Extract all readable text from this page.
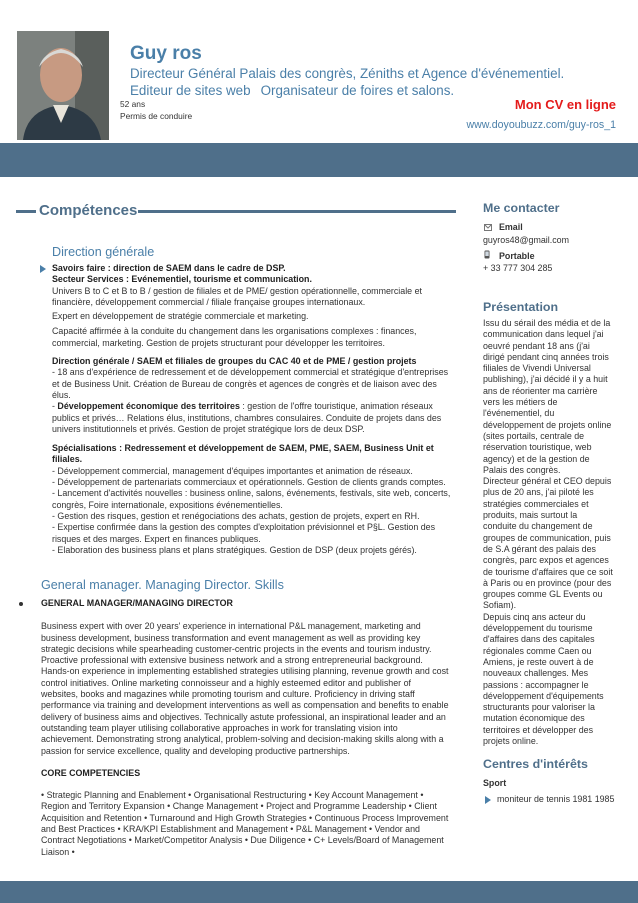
Guy ros
Directeur Général Palais des congrès, Zéniths et Agence d'événementiel.
Editeur de sites web Organisateur de foires et salons.
52 ans
Permis de conduire
Mon CV en ligne
www.doyoubuzz.com/guy-ros_1
Compétences
Direction générale

Savoirs faire : direction de SAEM dans le cadre de DSP.

Secteur Services : Evénementiel, tourisme et communication.

Univers B to C et B to B / gestion de filiales et de PME/ gestion opérationnelle, commerciale et

financière, développement commercial / filiale française groupes internationaux.

Expert en développement de stratégie commerciale et marketing.

Capacité affirmée à la conduite du changement dans les organisations complexes : finances,

commercial, marketing. Gestion de projets structurant pour développer les territoires.

Direction générale / SAEM et filiales de groupes du CAC 40 et de PME / gestion projets

- 18 ans d'expérience de redressement et de développement commercial et stratégique d'entreprises

et de Business Unit. Création de Bureau de congrès et agences de congrès et de liaison avec des

élus.

- Développement économique des territoires : gestion de l'offre touristique, animation réseaux

publics et privés… Relations élus, institutions, chambres consulaires. Conduite de projets dans des

univers institutionnels et privés. Gestion de projet stratégique lors de deux DSP.

Spécialisations : Redressement et développement de SAEM, PME, SAEM, Business Unit et

filiales.

- Développement commercial, management d'équipes importantes et animation de réseaux.

- Développement de partenariats commerciaux et opérationnels. Gestion de clients grands comptes.

- Lancement d'activités nouvelles : business online, salons, événements, festivals, site web, concerts,

congrès, Foire internationale, expositions événementielles.

- Gestion des risques, gestion et renégociations des achats, gestion de projets, expert en RH.

- Expertise confirmée dans la gestion des comptes d'exploitation prévisionnel et P§L. Gestion des

risques et des marges. Expert en finances publiques.

- Elaboration des business plans et plans stratégiques. Gestion de DSP (deux projets gérés).

General manager. Managing Director. Skills

GENERAL MANAGER/MANAGING DIRECTOR

Business expert with over 20 years' experience in international P&L management, marketing and

business development, business transformation and event management as well as providing key

strategic decisions while spearheading customer-centric projects in the events and tourism industry.

Proactive professional with extensive business network and a strong entrepreneurial background.

Hands-on experience in implementing established strategies utilising planning, revenue growth and cost

control initiatives. Online marketing connoisseur and a highly esteemed editor and publisher of

websites, books and magazines while promoting tourism and culture. Proficiency in driving staff

performance via training and development interventions as well as compensation and benefits to enable

delivery of business aims and objectives. Technically astute professional, an inspirational leader and an

outstanding team player utilising collaborative approaches in work for translating vision into

achievement. Demonstrating strong analytical, problem-solving and decision-making skills along with a

passion for service excellence, quality and developing productive partnerships.

CORE COMPETENCIES

• Strategic Planning and Enablement • Organisational Restructuring • Key Account Management •

Region and Territory Expansion • Change Management • Project and Programme Leadership • Client

Acquisition and Retention • Turnaround and High Growth Strategies • Continuous Process Improvement

and Best Practices • KRA/KPI Establishment and Management • P&L Management • Vendor and

Contract Negotiations • Market/Competitor Analysis • Due Diligence • C+ Levels/Board of Management

Liaison •

Me contacter
Email
guyros48@gmail.com
Portable
+ 33 777 304 285
Présentation

Issu du sérail des média et de la

communication dans lequel j'ai

oeuvré pendant 18 ans (j'ai

dirigé pendant cinq années trois

filiales de Vivendi Universal

publishing), j'ai décidé il y a huit

ans de réorienter ma carrière

vers les métiers de

l'événementiel, du

développement de projets online

(sites portails, centrale de

réservation touristique, web

agency) et de la gestion de

Palais des congrès.

Directeur général et CEO depuis

plus de 20 ans, j'ai piloté les

stratégies commerciales et

produits, mais surtout la

conduite du changement de

groupes de communication, puis

de S.A gérant des palais des

congrès, parc expos et agences

de tourisme d'affaires que ce soit

à Paris ou en province (pour des

groupes comme GL Events ou

Sofiam).

Depuis cinq ans acteur du

développement du tourisme

d'affaires dans des capitales

régionales comme Caen ou

Amiens, je reste ouvert à de

nouveaux challenges. Mes

passions : accompagner le

développement d'équipements

structurants pour valoriser la

mutation économique des

territoires et développer des

projets online.

Centres d'intérêts
Sport
moniteur de tennis 1981 1985
